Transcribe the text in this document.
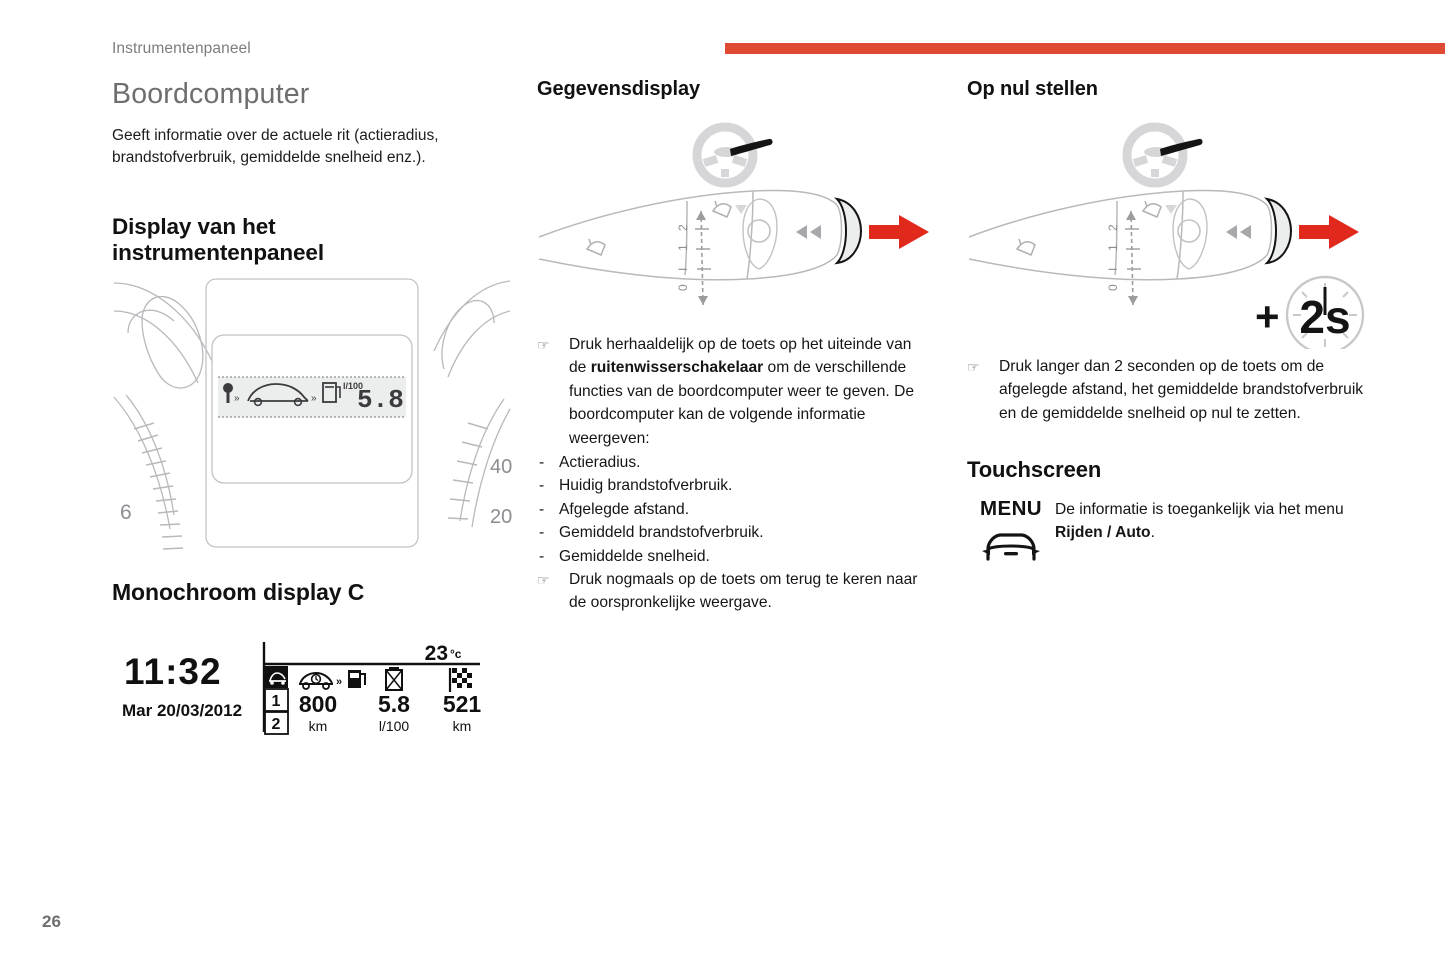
Instrumentenpaneel
Boordcomputer

Geeft informatie over de actuele rit (actieradius, brandstofverbruik, gemiddelde snelheid enz.).

Display van het instrumentenpaneel
6
40
20
»	»
l/100
5.8
Monochroom display C
11:32
Mar 20/03/2012
23 °c
1
2
»
800
km
5.8
l/100
521
km
Gegevensdisplay
2
1
I
0
☞ Druk herhaaldelijk op de toets op het uiteinde van de ruitenwisserschakelaar om de verschillende functies van de boordcomputer weer te geven. De boordcomputer kan de volgende informatie weergeven:
- Actieradius.
- Huidig brandstofverbruik.
- Afgelegde afstand.
- Gemiddeld brandstofverbruik.
- Gemiddelde snelheid.
☞ Druk nogmaals op de toets om terug te keren naar de oorspronkelijke weergave.
Op nul stellen
2
1
I
0
+ 2s
☞ Druk langer dan 2 seconden op de toets om de afgelegde afstand, het gemiddelde brandstofverbruik en de gemiddelde snelheid op nul te zetten.
Touchscreen
MENU De informatie is toegankelijk via het menu Rijden / Auto.
26
